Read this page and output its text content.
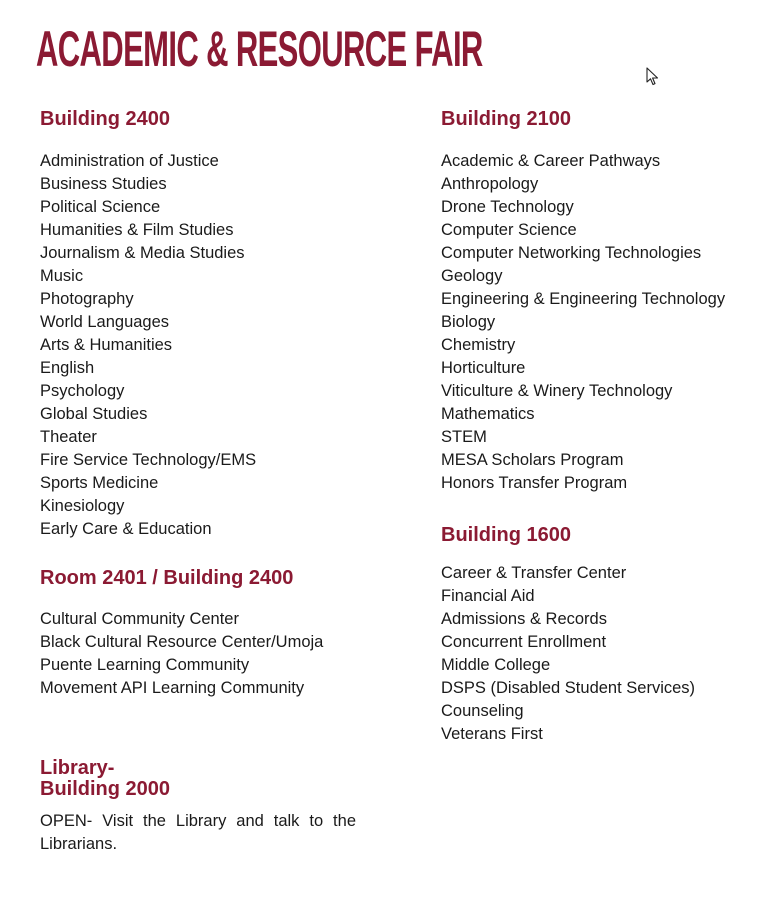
ACADEMIC & RESOURCE FAIR
Building 2400
Administration of Justice
Business Studies
Political Science
Humanities & Film Studies
Journalism & Media Studies
Music
Photography
World Languages
Arts & Humanities
English
Psychology
Global Studies
Theater
Fire Service Technology/EMS
Sports Medicine
Kinesiology
Early Care & Education
Building 2100
Academic & Career Pathways
Anthropology
Drone Technology
Computer Science
Computer Networking Technologies
Geology
Engineering & Engineering Technology
Biology
Chemistry
Horticulture
Viticulture & Winery Technology
Mathematics
STEM
MESA Scholars Program
Honors Transfer Program
Room 2401 / Building 2400
Cultural Community Center
Black Cultural Resource Center/Umoja
Puente Learning Community
Movement API Learning Community
Building 1600
Career & Transfer Center
Financial Aid
Admissions & Records
Concurrent Enrollment
Middle College
DSPS (Disabled Student Services)
Counseling
Veterans First
Library-
Building 2000

OPEN- Visit the Library and talk to the Librarians.
